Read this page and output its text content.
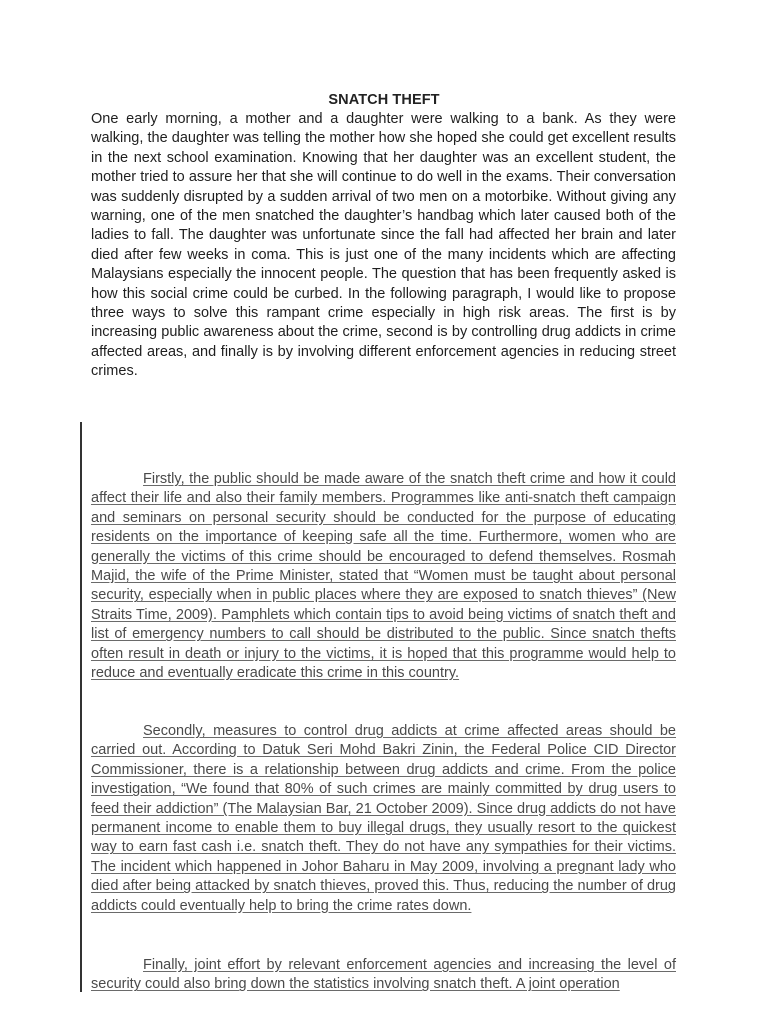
SNATCH THEFT

One early morning, a mother and a daughter were walking to a bank. As they were walking, the daughter was telling the mother how she hoped she could get excellent results in the next school examination. Knowing that her daughter was an excellent student, the mother tried to assure her that she will continue to do well in the exams. Their conversation was suddenly disrupted by a sudden arrival of two men on a motorbike. Without giving any warning, one of the men snatched the daughter’s handbag which later caused both of the ladies to fall. The daughter was unfortunate since the fall had affected her brain and later died after few weeks in coma. This is just one of the many incidents which are affecting Malaysians especially the innocent people. The question that has been frequently asked is how this social crime could be curbed. In the following paragraph, I would like to propose three ways to solve this rampant crime especially in high risk areas. The first is by increasing public awareness about the crime, second is by controlling drug addicts in crime affected areas, and finally is by involving different enforcement agencies in reducing street crimes.

Firstly, the public should be made aware of the snatch theft crime and how it could affect their life and also their family members. Programmes like anti-snatch theft campaign and seminars on personal security should be conducted for the purpose of educating residents on the importance of keeping safe all the time. Furthermore, women who are generally the victims of this crime should be encouraged to defend themselves. Rosmah Majid, the wife of the Prime Minister, stated that “Women must be taught about personal security, especially when in public places where they are exposed to snatch thieves” (New Straits Time, 2009). Pamphlets which contain tips to avoid being victims of snatch theft and list of emergency numbers to call should be distributed to the public. Since snatch thefts often result in death or injury to the victims, it is hoped that this programme would help to reduce and eventually eradicate this crime in this country.

Secondly, measures to control drug addicts at crime affected areas should be carried out. According to Datuk Seri Mohd Bakri Zinin, the Federal Police CID Director Commissioner, there is a relationship between drug addicts and crime. From the police investigation, “We found that 80% of such crimes are mainly committed by drug users to feed their addiction” (The Malaysian Bar, 21 October 2009). Since drug addicts do not have permanent income to enable them to buy illegal drugs, they usually resort to the quickest way to earn fast cash i.e. snatch theft. They do not have any sympathies for their victims. The incident which happened in Johor Baharu in May 2009, involving a pregnant lady who died after being attacked by snatch thieves, proved this. Thus, reducing the number of drug addicts could eventually help to bring the crime rates down.

Finally, joint effort by relevant enforcement agencies and increasing the level of security could also bring down the statistics involving snatch theft. A joint operation
